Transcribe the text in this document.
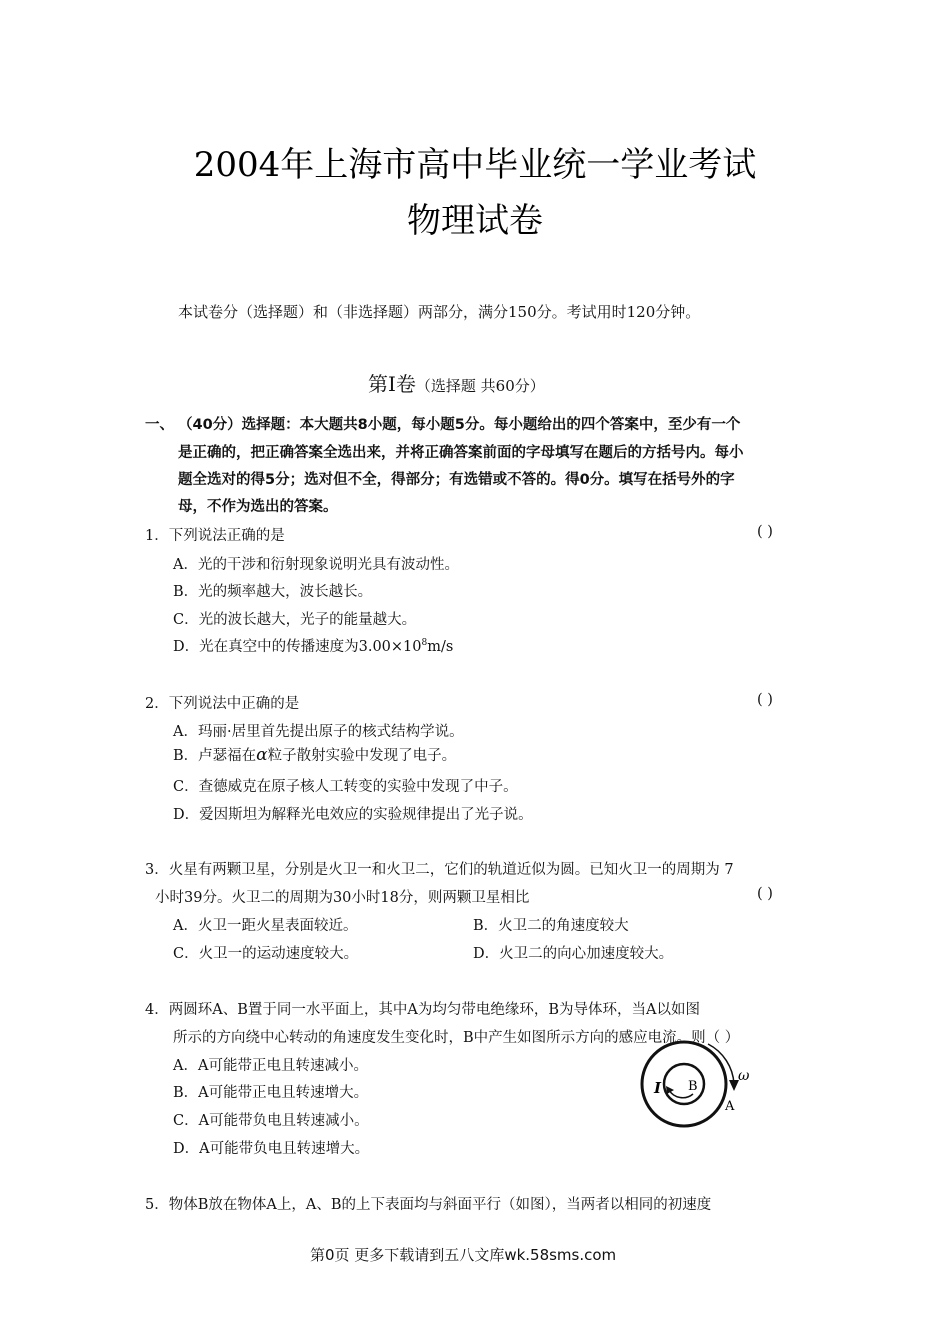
2004年上海市高中毕业统一学业考试
物理试卷
本试卷分（选择题）和（非选择题）两部分，满分150分。考试用时120分钟。
第Ⅰ卷（选择题 共60分）
一、 （40分）选择题：本大题共8小题，每小题5分。每小题给出的四个答案中，至少有一个
是正确的，把正确答案全选出来，并将正确答案前面的字母填写在题后的方括号内。每小
题全选对的得5分；选对但不全，得部分；有选错或不答的。得0分。填写在括号外的字
母，不作为选出的答案。
1．下列说法正确的是	( )
A．光的干涉和衍射现象说明光具有波动性。
B．光的频率越大，波长越长。
C．光的波长越大，光子的能量越大。
D．光在真空中的传播速度为$3.00\times 10^8m/s$
2．下列说法中正确的是	( )
A．玛丽·居里首先提出原子的核式结构学说。
B．卢瑟福在α粒子散射实验中发现了电子。
C．查德威克在原子核人工转变的实验中发现了中子。
D．爱因斯坦为解释光电效应的实验规律提出了光子说。
3．火星有两颗卫星，分别是火卫一和火卫二，它们的轨道近似为圆。已知火卫一的周期为 7
小时39分。火卫二的周期为30小时18分，则两颗卫星相比	( )
A．火卫一距火星表面较近。	B．火卫二的角速度较大
C．火卫一的运动速度较大。	D．火卫二的向心加速度较大。
4．两圆环A、B置于同一水平面上，其中A为均匀带电绝缘环，B为导体环，当A以如图
所示的方向绕中心转动的角速度发生变化时，B中产生如图所示方向的感应电流。则（ ）
A．A可能带正电且转速减小。
B．A可能带正电且转速增大。
C．A可能带负电且转速减小。
D．A可能带负电且转速增大。
I B
ω
A
5．物体B放在物体A上，A、B的上下表面均与斜面平行（如图），当两者以相同的初速度
第0页 更多下载请到五八文库wk.58sms.com
